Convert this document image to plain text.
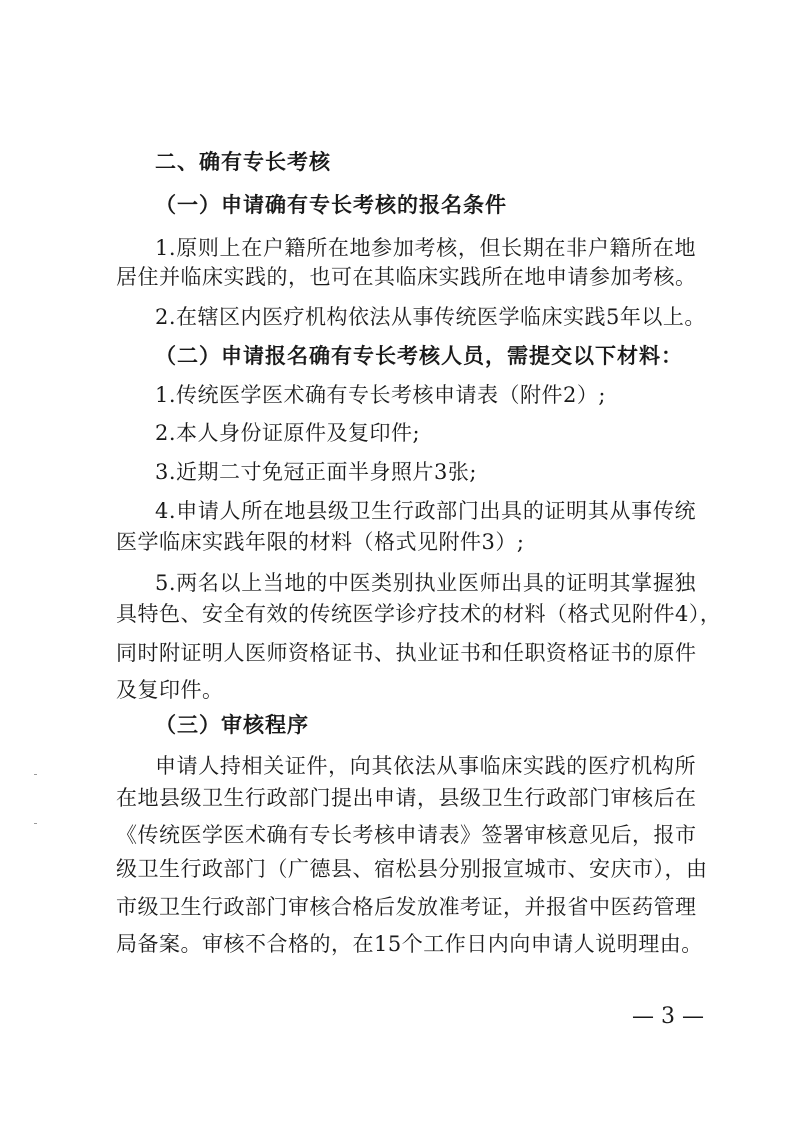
二、确有专长考核
（一）申请确有专长考核的报名条件
1.原则上在户籍所在地参加考核，但长期在非户籍所在地
居住并临床实践的，也可在其临床实践所在地申请参加考核。
2.在辖区内医疗机构依法从事传统医学临床实践5年以上。
（二）申请报名确有专长考核人员，需提交以下材料：
1.传统医学医术确有专长考核申请表（附件2）;
2.本人身份证原件及复印件;
3.近期二寸免冠正面半身照片3张;
4.申请人所在地县级卫生行政部门出具的证明其从事传统
医学临床实践年限的材料（格式见附件3）;
5.两名以上当地的中医类别执业医师出具的证明其掌握独
具特色、安全有效的传统医学诊疗技术的材料（格式见附件4），
同时附证明人医师资格证书、执业证书和任职资格证书的原件
及复印件。
（三）审核程序
申请人持相关证件，向其依法从事临床实践的医疗机构所
在地县级卫生行政部门提出申请，县级卫生行政部门审核后在
《传统医学医术确有专长考核申请表》签署审核意见后，报市
级卫生行政部门（广德县、宿松县分别报宣城市、安庆市），由
市级卫生行政部门审核合格后发放准考证，并报省中医药管理
局备案。审核不合格的，在15个工作日内向申请人说明理由。
— 3 —
